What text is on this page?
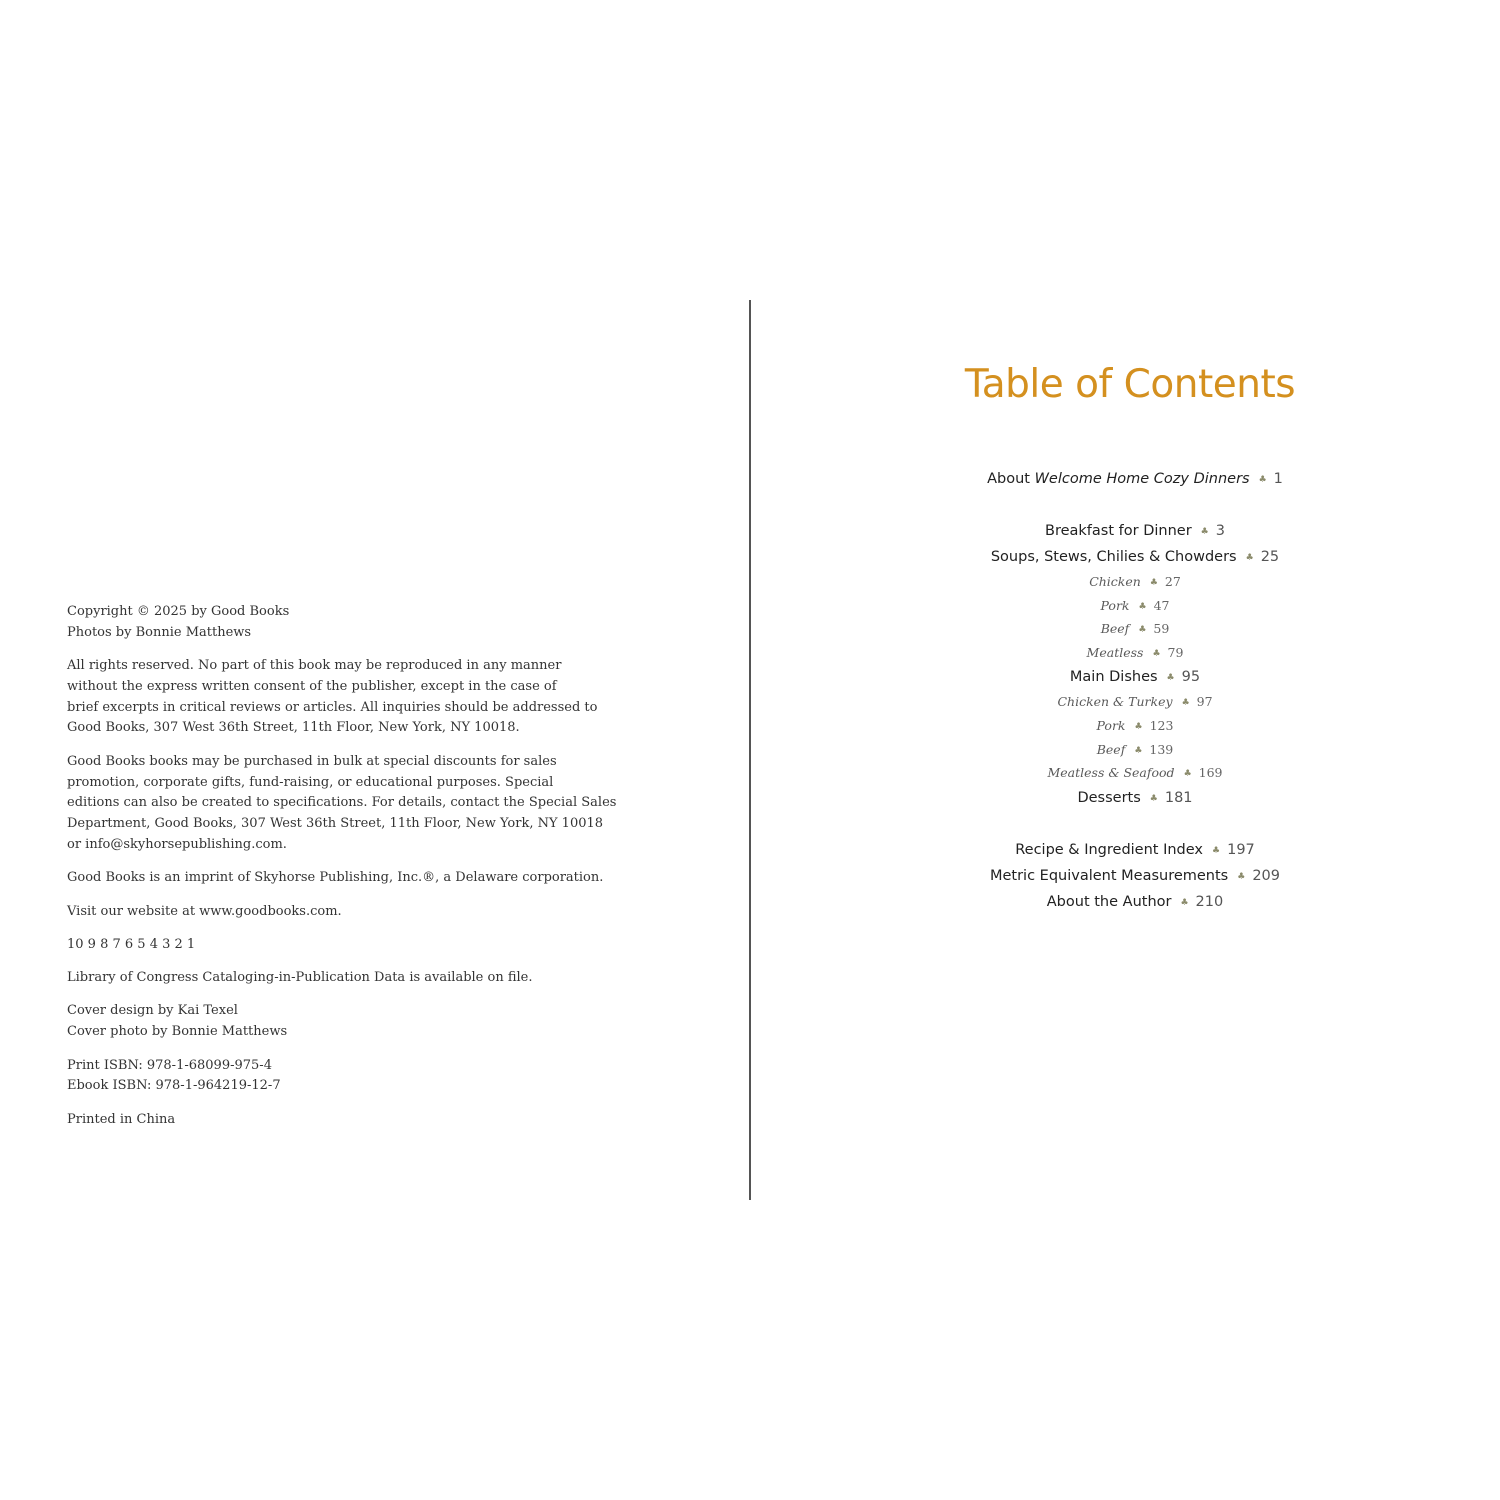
Copyright © 2025 by Good Books
Photos by Bonnie Matthews

All rights reserved. No part of this book may be reproduced in any manner
without the express written consent of the publisher, except in the case of
brief excerpts in critical reviews or articles. All inquiries should be addressed to
Good Books, 307 West 36th Street, 11th Floor, New York, NY 10018.

Good Books books may be purchased in bulk at special discounts for sales
promotion, corporate gifts, fund-raising, or educational purposes. Special
editions can also be created to specifications. For details, contact the Special Sales
Department, Good Books, 307 West 36th Street, 11th Floor, New York, NY 10018
or info@skyhorsepublishing.com.

Good Books is an imprint of Skyhorse Publishing, Inc.®, a Delaware corporation.

Visit our website at www.goodbooks.com.

10 9 8 7 6 5 4 3 2 1

Library of Congress Cataloging-in-Publication Data is available on file.

Cover design by Kai Texel
Cover photo by Bonnie Matthews

Print ISBN: 978-1-68099-975-4
Ebook ISBN: 978-1-964219-12-7

Printed in China

Table of Contents
About Welcome Home Cozy Dinners ♣ 1
Breakfast for Dinner ♣ 3
Soups, Stews, Chilies & Chowders ♣ 25
Chicken ♣ 27
Pork ♣ 47
Beef ♣ 59
Meatless ♣ 79
Main Dishes ♣ 95
Chicken & Turkey ♣ 97
Pork ♣ 123
Beef ♣ 139
Meatless & Seafood ♣ 169
Desserts ♣ 181
Recipe & Ingredient Index ♣ 197
Metric Equivalent Measurements ♣ 209
About the Author ♣ 210
